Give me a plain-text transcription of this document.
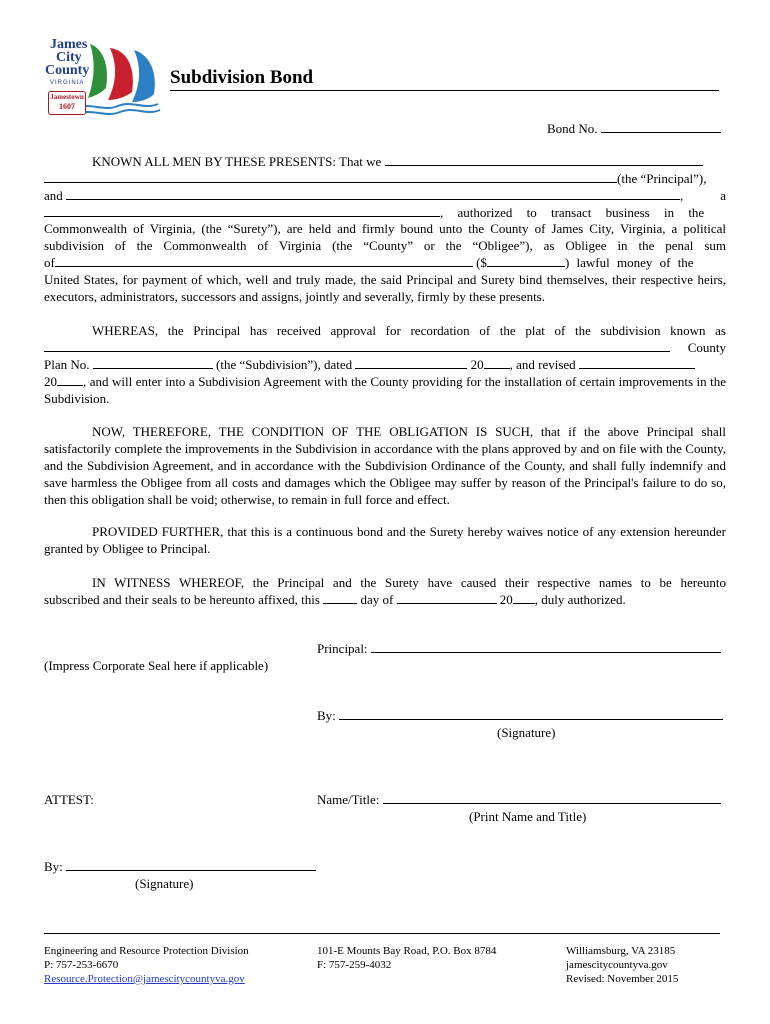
James
City
County
VIRGINIA
Jamestown
1607
Subdivision Bond
Bond No.
KNOWN ALL MEN BY THESE PRESENTS: That we
(the “Principal”),
and	,	a
, authorized to transact business in the

Commonwealth of Virginia, (the “Surety”), are held and firmly bound unto the County of James City, Virginia, a political subdivision of the Commonwealth of Virginia (the “County” or the “Obligee”), as Obligee in the penal sum

of	($	) lawful money of the

United States, for payment of which, well and truly made, the said Principal and Surety bind themselves, their respective heirs, executors, administrators, successors and assigns, jointly and severally, firmly by these presents.

WHEREAS, the Principal has received approval for recordation of the plat of the subdivision known as

County
Plan No.	(the “Subdivision”), dated	20 , and revised

20 , and will enter into a Subdivision Agreement with the County providing for the installation of certain improvements in the Subdivision.

NOW, THEREFORE, THE CONDITION OF THE OBLIGATION IS SUCH, that if the above Principal shall satisfactorily complete the improvements in the Subdivision in accordance with the plans approved by and on file with the County, and the Subdivision Agreement, and in accordance with the Subdivision Ordinance of the County, and shall fully indemnify and save harmless the Obligee from all costs and damages which the Obligee may suffer by reason of the Principal's failure to do so, then this obligation shall be void; otherwise, to remain in full force and effect.

PROVIDED FURTHER, that this is a continuous bond and the Surety hereby waives notice of any extension hereunder granted by Obligee to Principal.

IN WITNESS WHEREOF, the Principal and the Surety have caused their respective names to be hereunto

subscribed and their seals to be hereunto affixed, this	day of	20 , duly authorized.
Principal:
(Impress Corporate Seal here if applicable)
By:
(Signature)
ATTEST:	Name/Title:
(Print Name and Title)
By:
(Signature)
Engineering and Resource Protection Division
P: 757-253-6670
Resource.Protection@jamescitycountyva.gov
101-E Mounts Bay Road, P.O. Box 8784
F: 757-259-4032
Williamsburg, VA 23185
jamescitycountyva.gov
Revised: November 2015
